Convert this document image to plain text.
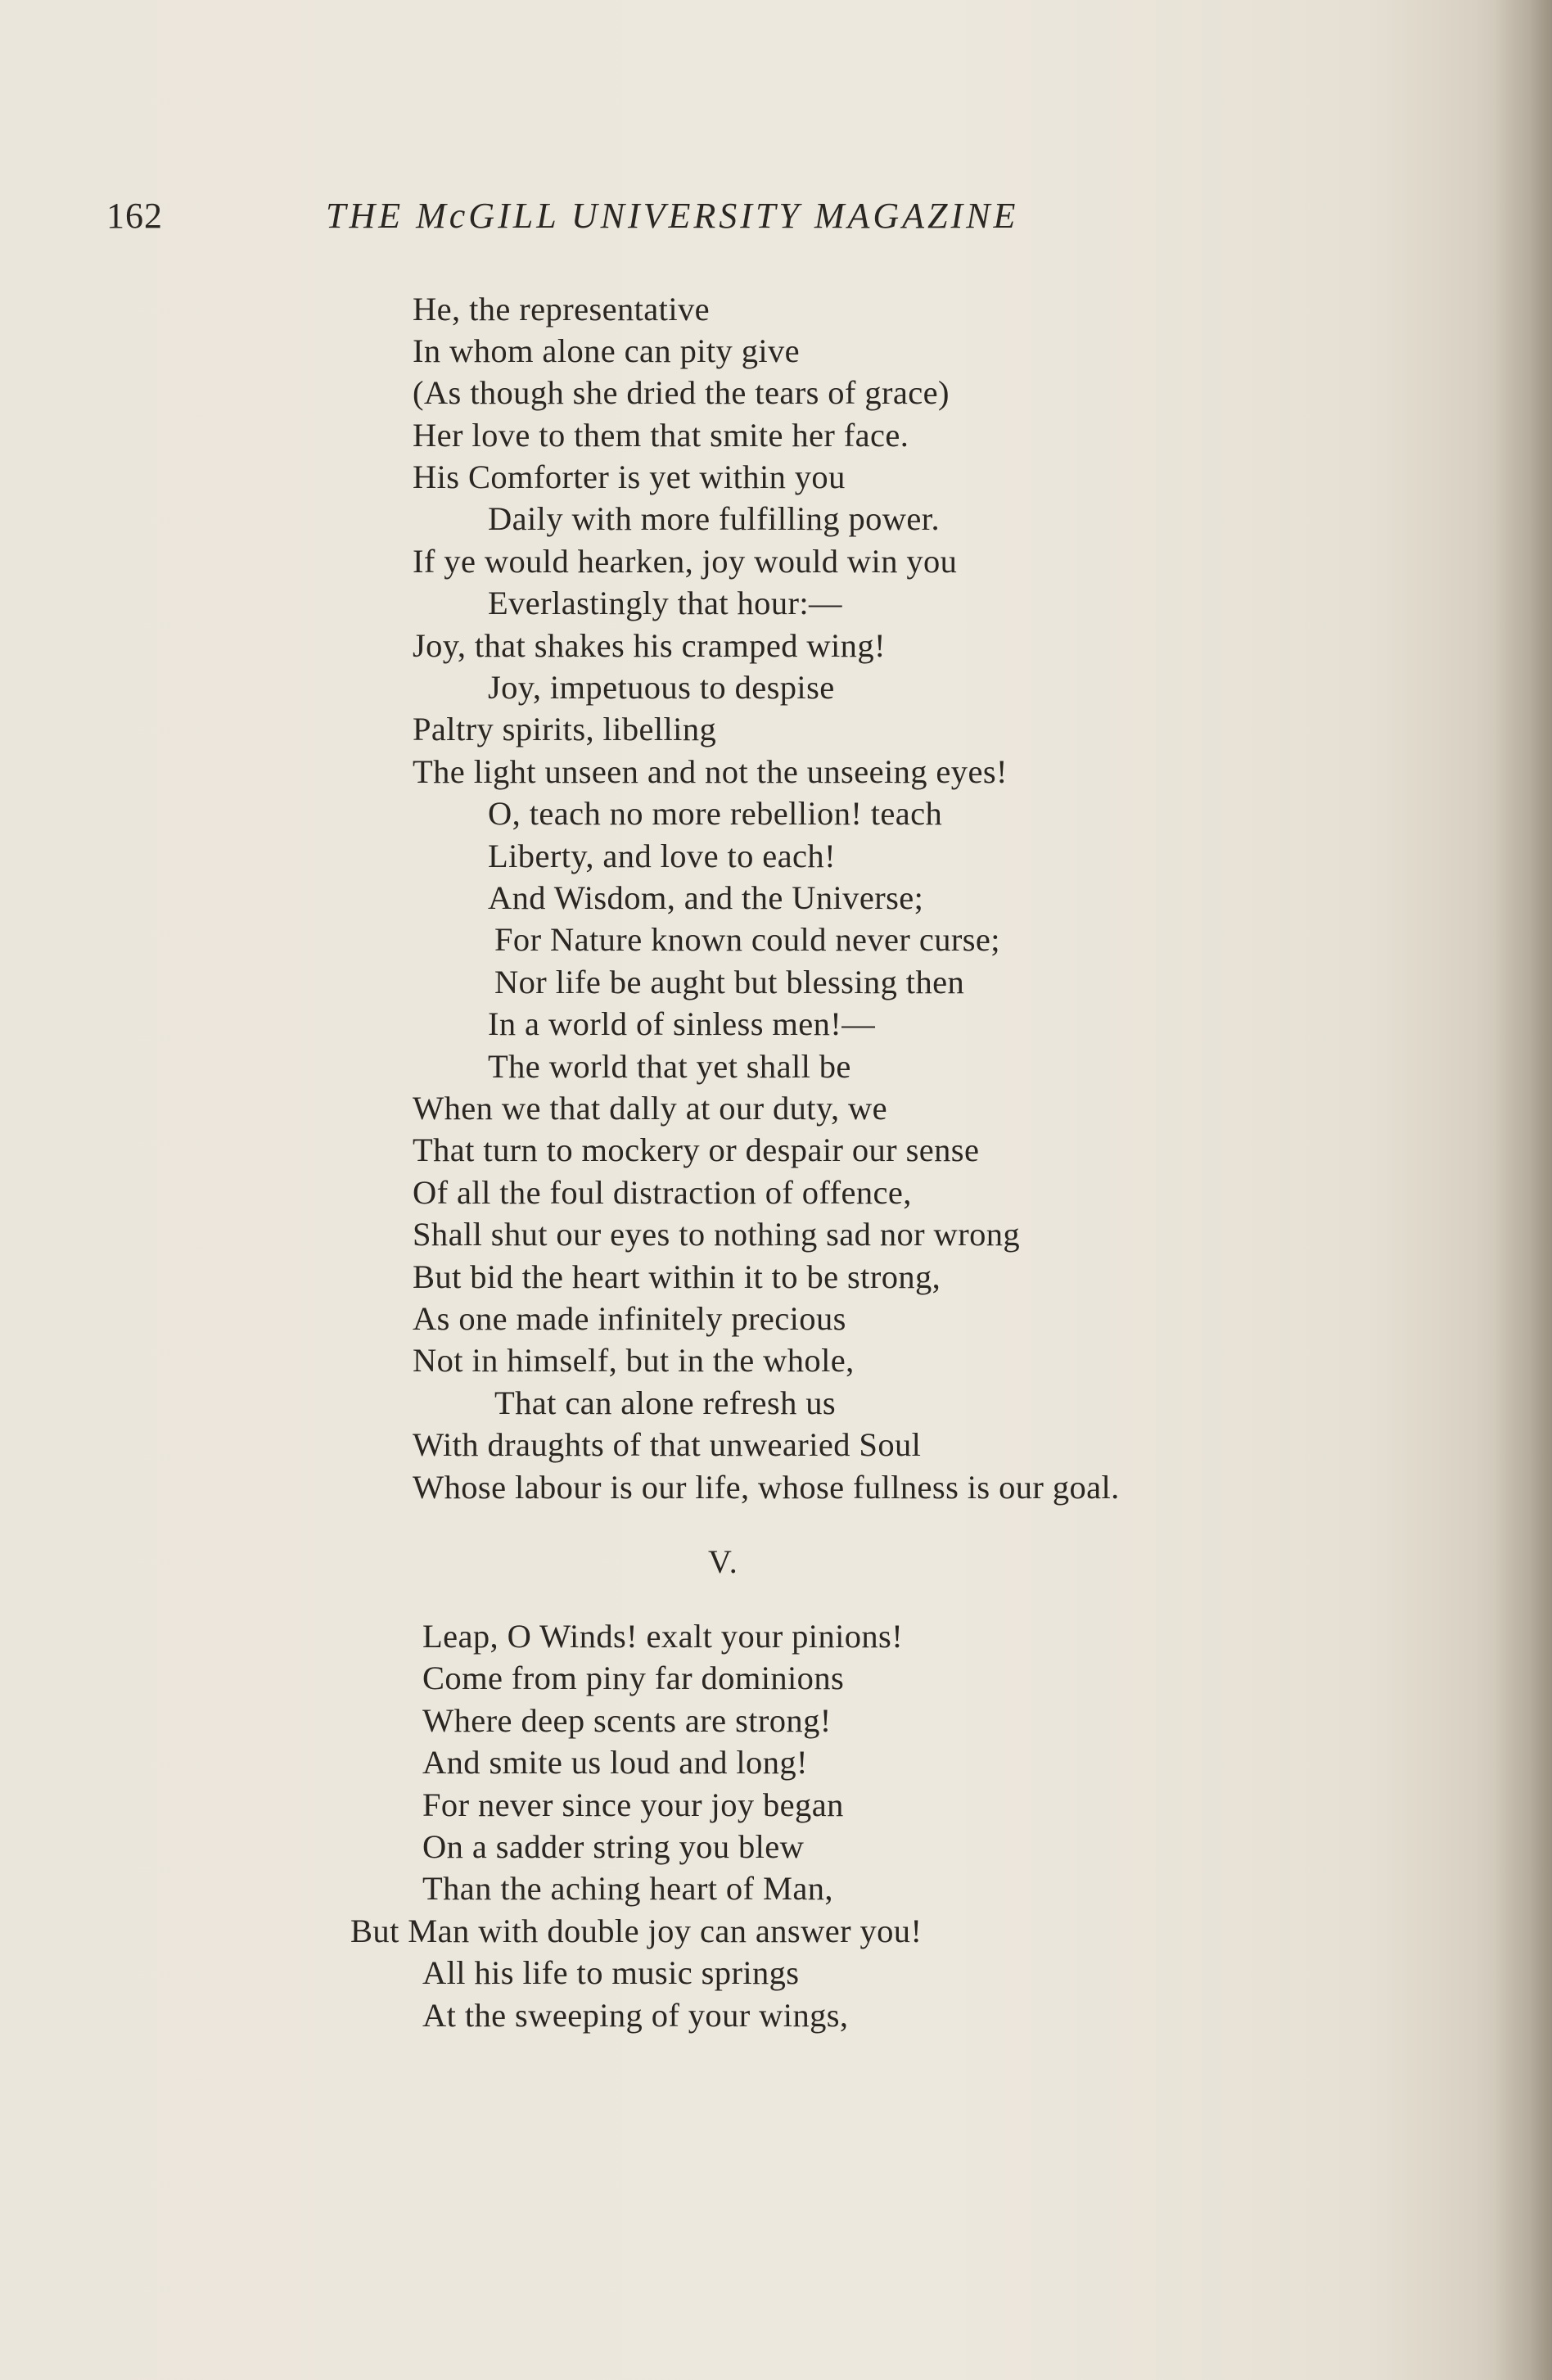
162	THE McGILL UNIVERSITY MAGAZINE
He, the representative
In whom alone can pity give
(As though she dried the tears of grace)
Her love to them that smite her face.
His Comforter is yet within you
Daily with more fulfilling power.
If ye would hearken, joy would win you
Everlastingly that hour:—
Joy, that shakes his cramped wing!
Joy, impetuous to despise
Paltry spirits, libelling
The light unseen and not the unseeing eyes!
O, teach no more rebellion! teach
Liberty, and love to each!
And Wisdom, and the Universe;
For Nature known could never curse;
Nor life be aught but blessing then
In a world of sinless men!—
The world that yet shall be
When we that dally at our duty, we
That turn to mockery or despair our sense
Of all the foul distraction of offence,
Shall shut our eyes to nothing sad nor wrong
But bid the heart within it to be strong,
As one made infinitely precious
Not in himself, but in the whole,
That can alone refresh us
With draughts of that unwearied Soul
Whose labour is our life, whose fullness is our goal.
V.
Leap, O Winds! exalt your pinions!
Come from piny far dominions
Where deep scents are strong!
And smite us loud and long!
For never since your joy began
On a sadder string you blew
Than the aching heart of Man,
But Man with double joy can answer you!
All his life to music springs
At the sweeping of your wings,
